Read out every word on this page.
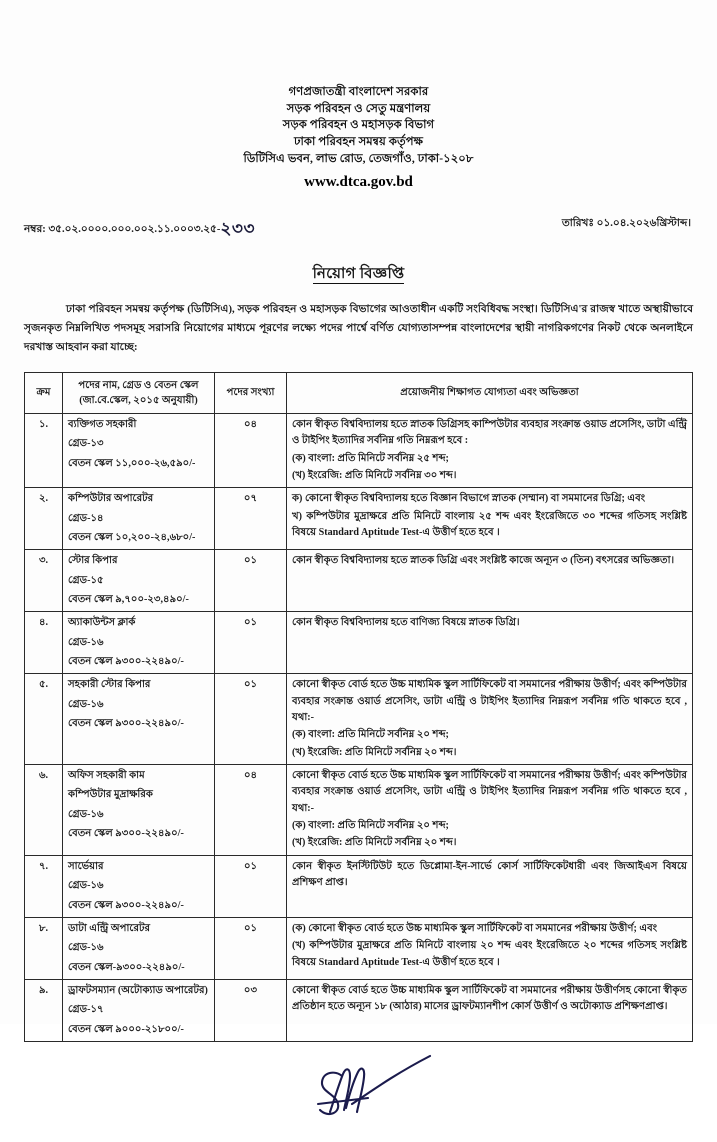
গণপ্রজাতন্ত্রী বাংলাদেশ সরকার
সড়ক পরিবহন ও সেতু মন্ত্রণালয়
সড়ক পরিবহন ও মহাসড়ক বিভাগ
ঢাকা পরিবহন সমন্বয় কর্তৃপক্ষ
ডিটিসিএ ভবন, লাভ রোড, তেজগাঁও, ঢাকা-১২০৮
www.dtca.gov.bd
নম্বর: ৩৫.০২.০০০০.০০০.০০২.১১.০০০৩.২৫-২৩৩	তারিখঃ ০১.০৪.২০২৬খ্রিস্টাব্দ।
নিয়োগ বিজ্ঞপ্তি
ঢাকা পরিবহন সমন্বয় কর্তৃপক্ষ (ডিটিসিএ), সড়ক পরিবহন ও মহাসড়ক বিভাগের আওতাধীন একটি সংবিধিবদ্ধ সংস্থা। ডিটিসিএ'র রাজস্ব খাতে অস্থায়ীভাবে সৃজনকৃত নিম্নলিখিত পদসমূহ সরাসরি নিয়োগের মাধ্যমে পূরণের লক্ষ্যে পদের পার্শ্বে বর্ণিত যোগ্যতাসম্পন্ন বাংলাদেশের স্থায়ী নাগরিকগণের নিকট থেকে অনলাইনে দরখাস্ত আহবান করা যাচ্ছে:
ক্রম	পদের নাম, গ্রেড ও বেতন স্কেল
(জা.বে.স্কেল, ২০১৫ অনুযায়ী)	পদের সংখ্যা	প্রয়োজনীয় শিক্ষাগত যোগ্যতা এবং অভিজ্ঞতা
১.	ব্যক্তিগত সহকারী
গ্রেড-১৩
বেতন স্কেল ১১,০০০-২৬,৫৯০/-
	০৪	কোন স্বীকৃত বিশ্ববিদ্যালয় হতে স্নাতক ডিগ্রিসহ কাম্পিউটার ব্যবহার সংক্রান্ত ওয়াড প্রসেসিং, ডাটা এন্ট্রি ও টাইপিং ইত্যাদির সর্বনিম্ন গতি নিম্নরূপ হবে :
(ক) বাংলা: প্রতি মিনিটে সর্বনিম্ন ২৫ শব্দ;
(খ) ইংরেজি: প্রতি মিনিটে সর্বনিম্ন ৩০ শব্দ।

২.	কম্পিউটার অপারেটর
গ্রেড-১৪
বেতন স্কেল ১০,২০০-২৪,৬৮০/-
	০৭	ক) কোনো স্বীকৃত বিশ্ববিদ্যালয় হতে বিজ্ঞান বিভাগে স্নাতক (সম্মান) বা সমমানের ডিগ্রি; এবং
খ) কম্পিউটার মুদ্রাক্ষরে প্রতি মিনিটে বাংলায় ২৫ শব্দ এবং ইংরেজিতে ৩০ শব্দের গতিসহ সংশ্লিষ্ট বিষয়ে Standard Aptitude Test-এ উত্তীর্ণ হতে হবে ।

৩.	স্টোর কিপার
গ্রেড-১৫
বেতন স্কেল ৯,৭০০-২৩,৪৯০/-	০১	কোন স্বীকৃত বিশ্ববিদ্যালয় হতে স্নাতক ডিগ্রি এবং সংশ্লিষ্ট কাজে অন্যূন ৩ (তিন) বৎসরের অভিজ্ঞতা।

৪.	অ্যাকাউন্টস ক্লার্ক
গ্রেড-১৬
বেতন স্কেল ৯৩০০-২২৪৯০/-	০১	কোন স্বীকৃত বিশ্ববিদ্যালয় হতে বাণিজ্য বিষয়ে স্নাতক ডিগ্রি।

৫.	সহকারী স্টোর কিপার
গ্রেড-১৬
বেতন স্কেল ৯৩০০-২২৪৯০/-
	০১	কোনো স্বীকৃত বোর্ড হতে উচ্চ মাধ্যমিক স্কুল সার্টিফিকেট বা সমমানের পরীক্ষায় উত্তীর্ণ; এবং কম্পিউটার ব্যবহার সংক্রান্ত ওয়ার্ড প্রসেসিং, ডাটা এন্ট্রি ও টাইপিং ইত্যাদির নিম্নরূপ সর্বনিম্ন গতি থাকতে হবে , যথা:-
(ক) বাংলা: প্রতি মিনিটে সর্বনিম্ন ২০ শব্দ;
(খ) ইংরেজি: প্রতি মিনিটে সর্বনিম্ন ২০ শব্দ।

৬.	অফিস সহকারী কাম
কম্পিউটার মুদ্রাক্ষরিক
গ্রেড-১৬
বেতন স্কেল ৯৩০০-২২৪৯০/-
	০৪	কোনো স্বীকৃত বোর্ড হতে উচ্চ মাধ্যমিক স্কুল সার্টিফিকেট বা সমমানের পরীক্ষায় উত্তীর্ণ; এবং কম্পিউটার ব্যবহার সংক্রান্ত ওয়ার্ড প্রসেসিং, ডাটা এন্ট্রি ও টাইপিং ইত্যাদির নিম্নরূপ সর্বনিম্ন গতি থাকতে হবে , যথা:-
(ক) বাংলা: প্রতি মিনিটে সর্বনিম্ন ২০ শব্দ;
(খ) ইংরেজি: প্রতি মিনিটে সর্বনিম্ন ২০ শব্দ।

৭.	সার্ভেয়ার
গ্রেড-১৬
বেতন স্কেল ৯৩০০-২২৪৯০/-	০১	কোন স্বীকৃত ইনস্টিটিউট হতে ডিপ্লোমা-ইন-সার্ভে কোর্স সার্টিফিকেটধারী এবং জিআইএস বিষয়ে প্রশিক্ষণ প্রাপ্ত।

৮.	ডাটা এন্ট্রি অপারেটর
গ্রেড-১৬
বেতন স্কেল-৯৩০০-২২৪৯০/-
	০১	(ক) কোনো স্বীকৃত বোর্ড হতে উচ্চ মাধ্যমিক স্কুল সার্টিফিকেট বা সমমানের পরীক্ষায় উত্তীর্ণ; এবং
(খ) কম্পিউটার মুদ্রাক্ষরে প্রতি মিনিটে বাংলায় ২০ শব্দ এবং ইংরেজিতে ২০ শব্দের গতিসহ সংশ্লিষ্ট বিষয়ে Standard Aptitude Test-এ উত্তীর্ণ হতে হবে ।

৯.	ড্রাফটসম্যান (অটোক্যাড অপারেটর)
গ্রেড-১৭
বেতন স্কেল ৯০০০-২১৮০০/-	০৩	কোনো স্বীকৃত বোর্ড হতে উচ্চ মাধ্যমিক স্কুল সার্টিফিকেট বা সমমানের পরীক্ষায় উত্তীর্ণসহ কোনো স্বীকৃত প্রতিষ্ঠান হতে অন্যূন ১৮ (আঠার) মাসের ড্রাফটম্যানশীপ কোর্স উত্তীর্ণ ও অটোক্যাড প্রশিক্ষণপ্রাপ্ত।
